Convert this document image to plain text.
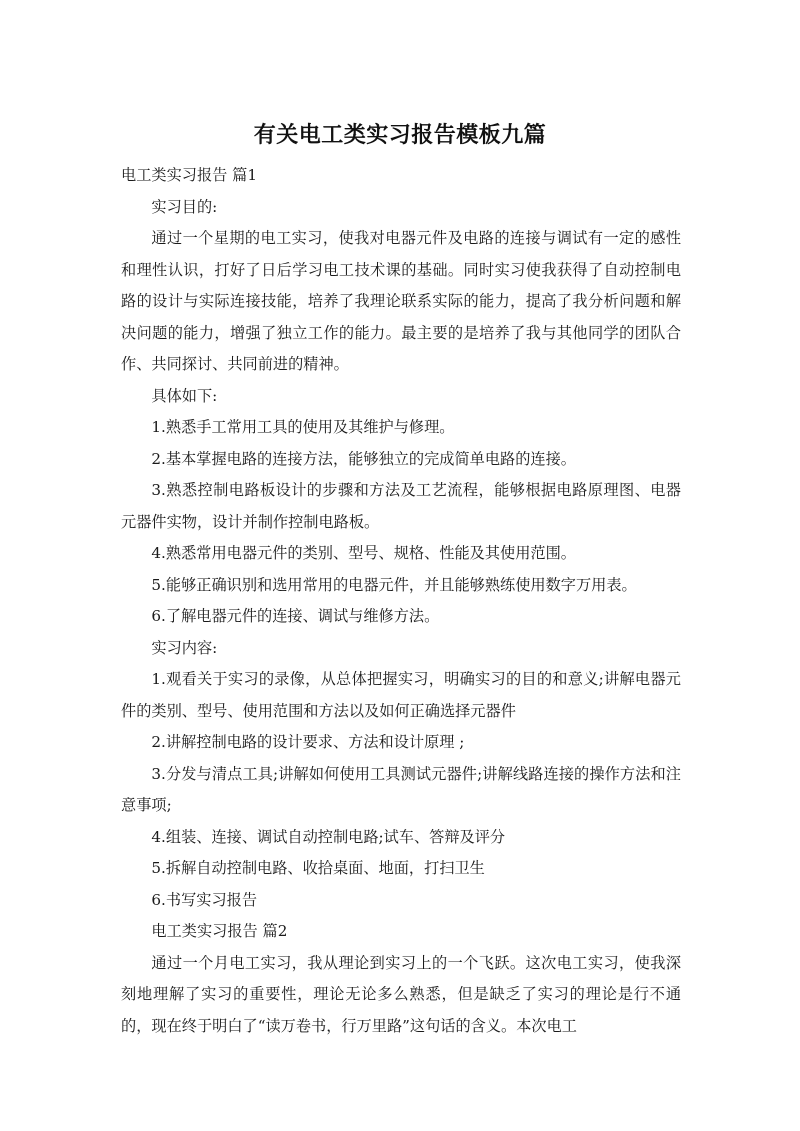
有关电工类实习报告模板九篇

电工类实习报告 篇1

实习目的:

通过一个星期的电工实习，使我对电器元件及电路的连接与调试有一定的感性和理性认识，打好了日后学习电工技术课的基础。同时实习使我获得了自动控制电路的设计与实际连接技能，培养了我理论联系实际的能力，提高了我分析问题和解决问题的能力，增强了独立工作的能力。最主要的是培养了我与其他同学的团队合作、共同探讨、共同前进的精神。

具体如下:

1.熟悉手工常用工具的使用及其维护与修理。

2.基本掌握电路的连接方法，能够独立的完成简单电路的连接。

3.熟悉控制电路板设计的步骤和方法及工艺流程，能够根据电路原理图、电器元器件实物，设计并制作控制电路板。

4.熟悉常用电器元件的类别、型号、规格、性能及其使用范围。

5.能够正确识别和选用常用的电器元件，并且能够熟练使用数字万用表。

6.了解电器元件的连接、调试与维修方法。

实习内容:

1.观看关于实习的录像，从总体把握实习，明确实习的目的和意义;讲解电器元件的类别、型号、使用范围和方法以及如何正确选择元器件

2.讲解控制电路的设计要求、方法和设计原理 ;

3.分发与清点工具;讲解如何使用工具测试元器件;讲解线路连接的操作方法和注意事项;

4.组装、连接、调试自动控制电路;试车、答辩及评分

5.拆解自动控制电路、收拾桌面、地面，打扫卫生

6.书写实习报告

电工类实习报告 篇2

通过一个月电工实习，我从理论到实习上的一个飞跃。这次电工实习，使我深刻地理解了实习的重要性，理论无论多么熟悉，但是缺乏了实习的理论是行不通的，现在终于明白了“读万卷书，行万里路”这句话的含义。本次电工
